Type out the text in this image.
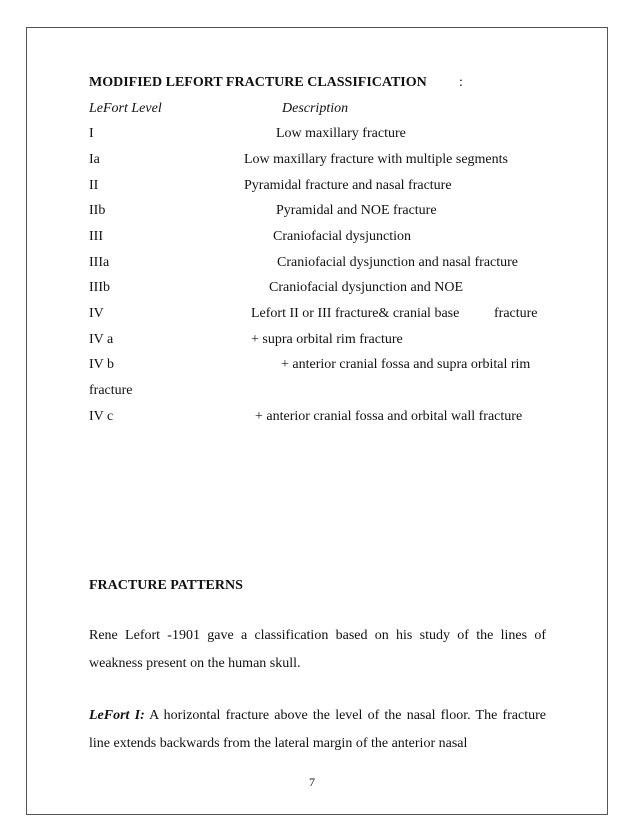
MODIFIED LEFORT FRACTURE CLASSIFICATION :
LeFort Level	Description
I	Low maxillary fracture
Ia	Low maxillary fracture with multiple segments
II	Pyramidal fracture and nasal fracture
IIb	Pyramidal and NOE fracture
III	Craniofacial dysjunction
IIIa	Craniofacial dysjunction and nasal fracture
IIIb	Craniofacial dysjunction and NOE
IV	Lefort II or III fracture& cranial base fracture
IV a	+ supra orbital rim fracture
IV b	+ anterior cranial fossa and supra orbital rim
fracture
IV c	+ anterior cranial fossa and orbital wall fracture
FRACTURE PATTERNS
Rene Lefort -1901 gave a classification based on his study of the lines of weakness present on the human skull.
LeFort I: A horizontal fracture above the level of the nasal floor. The fracture line extends backwards from the lateral margin of the anterior nasal
7
